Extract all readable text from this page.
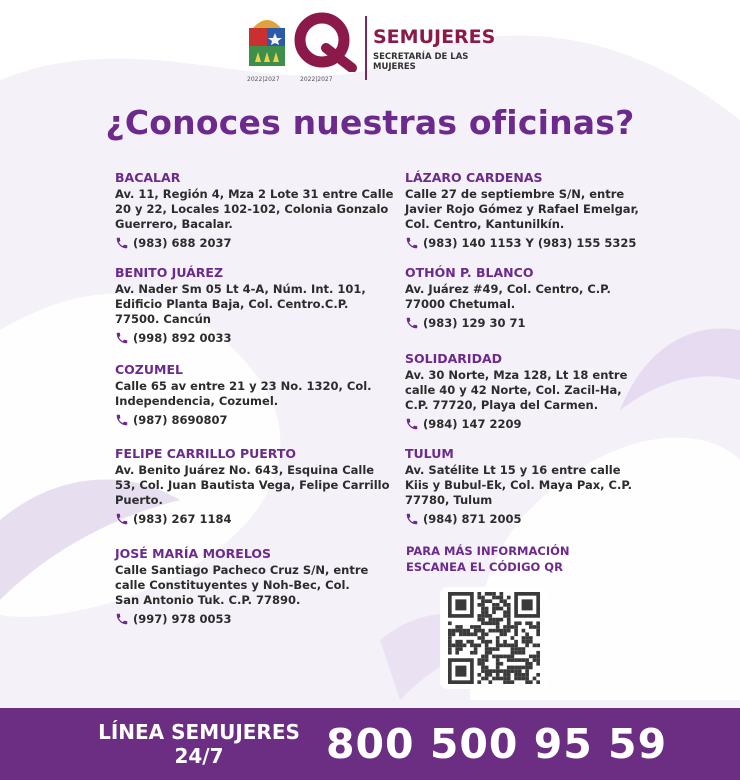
2022|2027	2022|2027
SEMUJERES
SECRETARÍA DE LAS MUJERES
¿Conoces nuestras oficinas?
BACALAR
Av. 11, Región 4, Mza 2 Lote 31 entre Calle 20 y 22, Locales 102-102, Colonia Gonzalo Guerrero, Bacalar.
(983) 688 2037
BENITO JUÁREZ
Av. Nader Sm 05 Lt 4-A, Núm. Int. 101, Edificio Planta Baja, Col. Centro.C.P. 77500. Cancún
(998) 892 0033
COZUMEL
Calle 65 av entre 21 y 23 No. 1320, Col. Independencia, Cozumel.
(987) 8690807
FELIPE CARRILLO PUERTO
Av. Benito Juárez No. 643, Esquina Calle 53, Col. Juan Bautista Vega, Felipe Carrillo Puerto.
(983) 267 1184
JOSÉ MARÍA MORELOS
Calle Santiago Pacheco Cruz S/N, entre calle Constituyentes y Noh-Bec, Col. San Antonio Tuk. C.P. 77890.
(997) 978 0053
LÁZARO CARDENAS
Calle 27 de septiembre S/N, entre Javier Rojo Gómez y Rafael Emelgar, Col. Centro, Kantunilkín.
(983) 140 1153 Y (983) 155 5325
OTHÓN P. BLANCO
Av. Juárez #49, Col. Centro, C.P. 77000 Chetumal.
(983) 129 30 71
SOLIDARIDAD
Av. 30 Norte, Mza 128, Lt 18 entre calle 40 y 42 Norte, Col. Zacil-Ha, C.P. 77720, Playa del Carmen.
(984) 147 2209
TULUM
Av. Satélite Lt 15 y 16 entre calle Kiis y Bubul-Ek, Col. Maya Pax, C.P. 77780, Tulum
(984) 871 2005
PARA MÁS INFORMACIÓN
ESCANEA EL CÓDIGO QR
LÍNEA SEMUJERES
24/7	800 500 95 59
